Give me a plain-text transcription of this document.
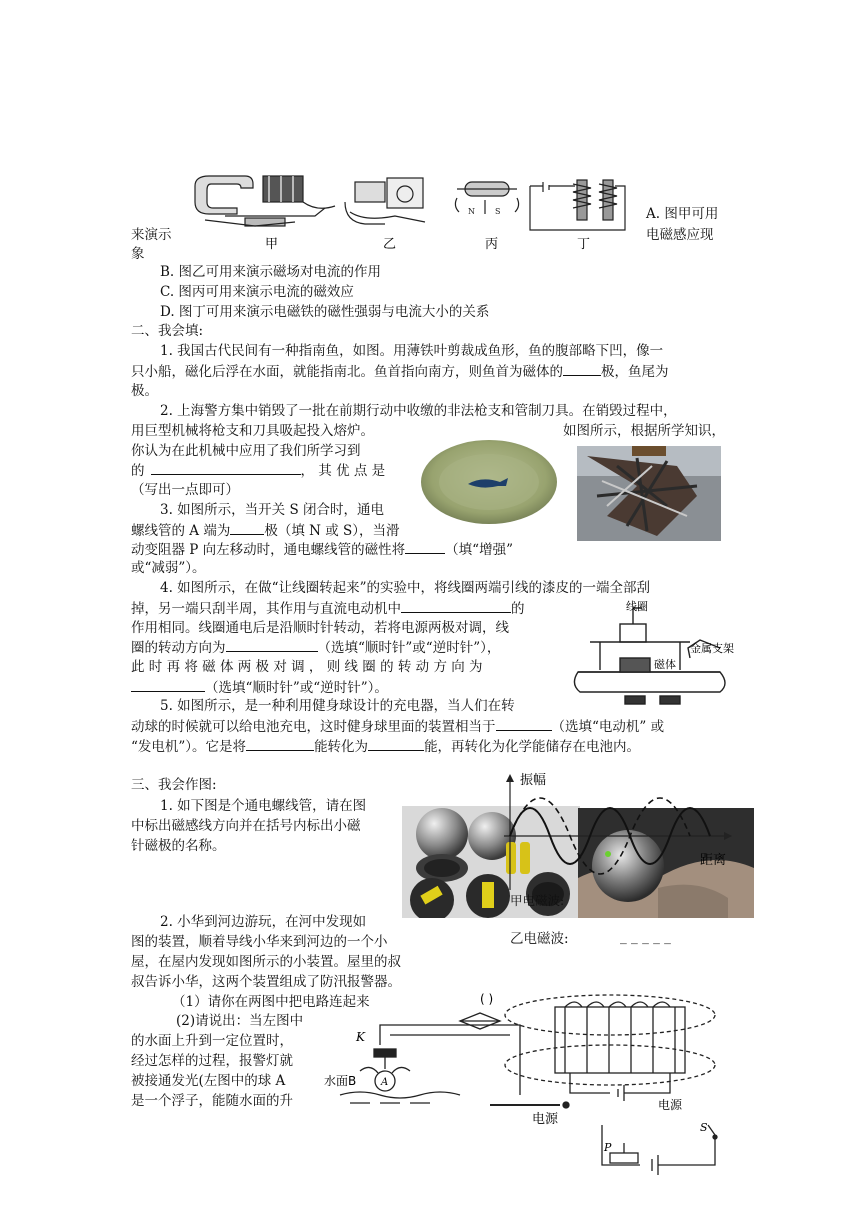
甲	乙
N	S
丙	丁
来演示
象
A. 图甲可用
电磁感应现
B. 图乙可用来演示磁场对电流的作用
C. 图丙可用来演示电流的磁效应
D. 图丁可用来演示电磁铁的磁性强弱与电流大小的关系
二、我会填:
1. 我国古代民间有一种指南鱼，如图。用薄铁叶剪裁成鱼形，鱼的腹部略下凹，像一
只小船，磁化后浮在水面，就能指南北。鱼首指向南方，则鱼首为磁体的	极，鱼尾为
极。
2. 上海警方集中销毁了一批在前期行动中收缴的非法枪支和管制刀具。在销毁过程中，
用巨型机械将枪支和刀具吸起投入熔炉。	如图所示，根据所学知识，
你认为在此机械中应用了我们所学习到
的	， 其 优 点 是
（写出一点即可）
3. 如图所示，当开关 S 闭合时，通电
螺线管的 A 端为	极（填 N 或 S），当滑
动变阻器 P 向左移动时，通电螺线管的磁性将	（填“增强”
或“减弱”）。
4. 如图所示，在做“让线圈转起来”的实验中，将线圈两端引线的漆皮的一端全部刮
掉，另一端只刮半周，其作用与直流电动机中	的
作用相同。线圈通电后是沿顺时针转动，若将电源两极对调，线
圈的转动方向为	（选填“顺时针”或“逆时针”），
此 时 再 将 磁 体 两 极 对 调 ， 则 线 圈 的 转 动 方 向 为
（选填“顺时针”或“逆时针”）。
线圈
金属支架
磁体
5. 如图所示，是一种利用健身球设计的充电器，当人们在转
动球的时候就可以给电池充电，这时健身球里面的装置相当于	（选填“电动机” 或
“发电机”）。它是将	能转化为	能，再转化为化学能储存在电池内。
三、我会作图:
1. 如下图是个通电螺线管，请在图
中标出磁感线方向并在括号内标出小磁
针磁极的名称。
振幅
距离
甲电磁波:
乙电磁波:	_ _ _ _ _
2. 小华到河边游玩，在河中发现如
图的装置，顺着导线小华来到河边的一个小
屋，在屋内发现如图所示的小装置。屋里的叔
叔告诉小华，这两个装置组成了防汛报警器。
（1）请你在两图中把电路连起来
(2)请说出：当左图中
的水面上升到一定位置时，
经过怎样的过程，报警灯就
被接通发光(左图中的球 A
是一个浮子，能随水面的升
K
水面B A
电源
电源
( )
P
S
